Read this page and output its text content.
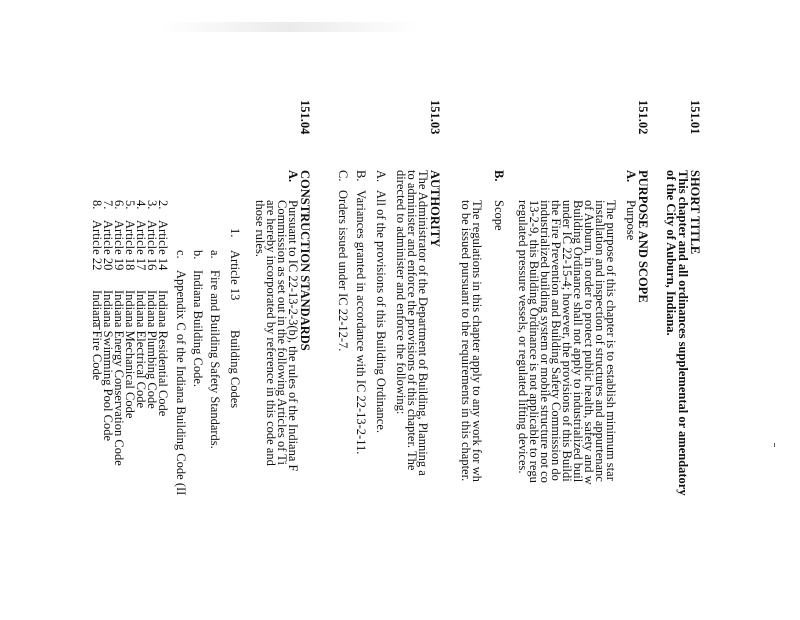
151.01
SHORT TITLE
This chapter and all ordinances supplemental or amendatory
of the City of Auburn, Indiana.
151.02
PURPOSE AND SCOPE
A.
Purpose
The purpose of this chapter is to establish minimum star
installation and inspection of structures and appurtenanc
of Auburn, in order to protect public health, safety and w
Building Ordinance shall not apply to industrialized buil
under IC 22-15-4; however, the provisions of this Buildi
the Fire Prevention and Building Safety Commission do
industrialized building system or mobile structure not co
13-2-9, this Building Ordinance is not applicable to regu
regulated pressure vessels, or regulated lifting devices.
B.
Scope
The regulations in this chapter apply to any work for wh
to be issued pursuant to the requirements in this chapter.
151.03
AUTHORITY
The Administrator of the Department of Building, Planning a
to administer and enforce the provisions of this chapter. The
directed to administer and enforce the following:
A.
All of the provisions of this Building Ordinance.
B.
Variances granted in accordance with IC 22-13-2-11.
C.
Orders issued under IC 22-12-7.
151.04
CONSTRUCTION STANDARDS
A.
Pursuant to IC 22-13-2-3(b), the rules of the Indiana F
Commission as set out in the following Articles of Ti
are hereby incorporated by reference in this code and
those rules.
1.
Article 13
Building Codes
a.
Fire and Building Safety Standards.
b.
Indiana Building Code.
c.
Appendix C of the Indiana Building Code (II
2.
Article 14
Indiana Residential Code
3.
Article 16
Indiana Plumbing Code
4.
Article 17
Indiana Electrical Code
5.
Article 18
Indiana Mechanical Code
6.
Article 19
Indiana Energy Conservation Code
7.
Article 20
Indiana Swimming Pool Code
8.
Article 22
Indiana Fire Code
